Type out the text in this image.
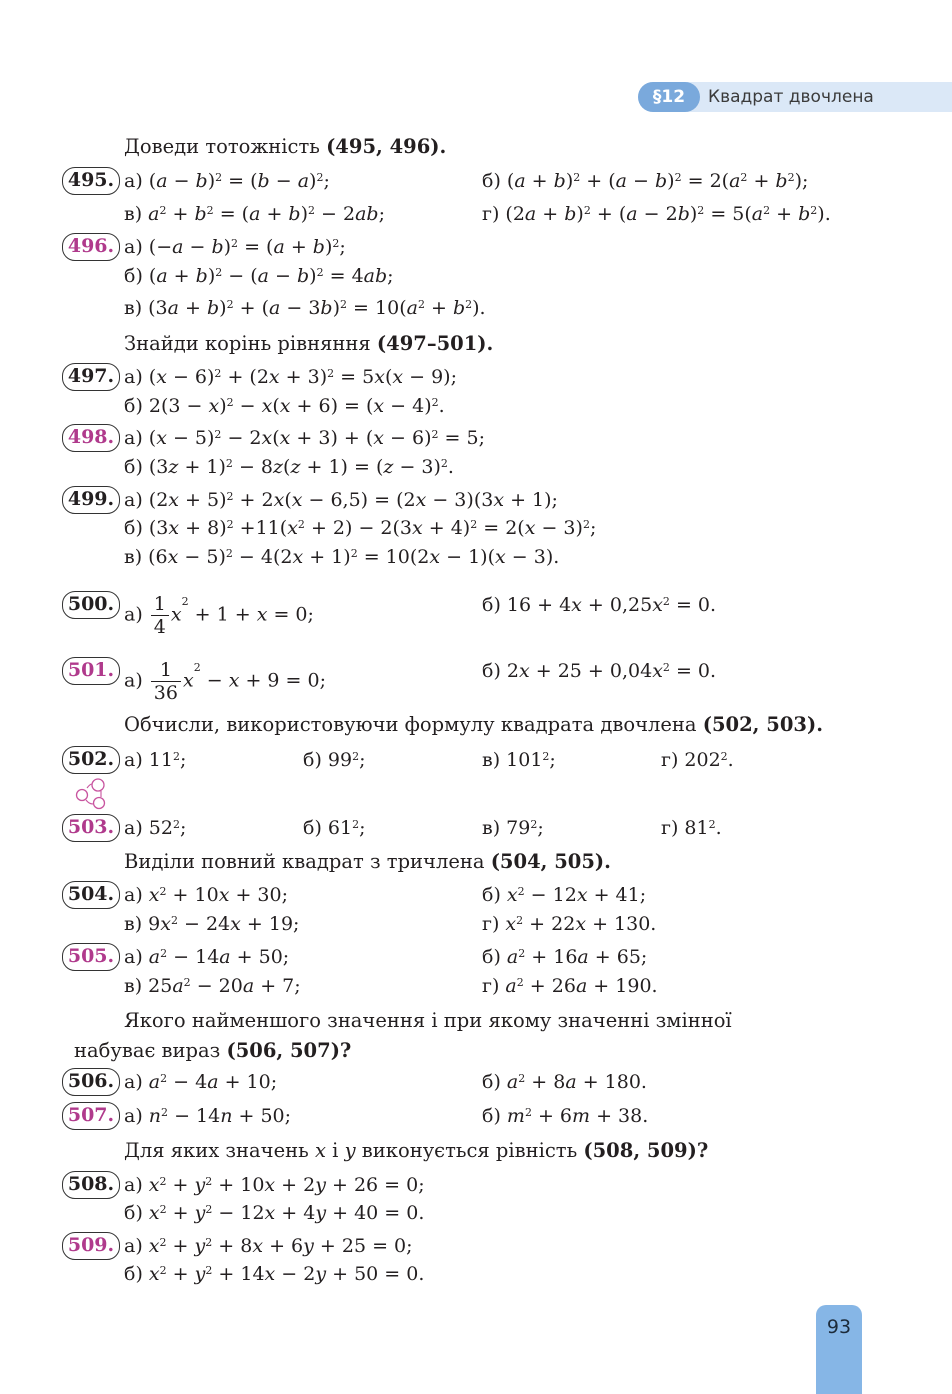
§12	Квадрат двочлена
Доведи тотожність (495, 496).
Знайди корінь рівняння (497–501).
Обчисли, використовуючи формулу квадрата двочлена (502, 503).
Виділи повний квадрат з тричлена (504, 505).
Якого найменшого значення і при якому значенні змінної
набуває вираз (506, 507)?
Для яких значень x і y виконується рівність (508, 509)?
495. а) $(a - b)^2 = (b - a)^2$;	б) $(a + b)^2 + (a - b)^2 = 2(a^2 + b^2)$;
в) $a^2 + b^2 = (a + b)^2 - 2ab$;	г) $(2a + b)^2 + (a - 2b)^2 = 5(a^2 + b^2)$.
496. а) $(-a - b)^2 = (a + b)^2$;
б) $(a + b)^2 - (a - b)^2 = 4ab$;
в) $(3a + b)^2 + (a - 3b)^2 = 10(a^2 + b^2)$.
497. а) $(x - 6)^2 + (2x + 3)^2 = 5x(x - 9)$;
б) $2(3 - x)^2 - x(x + 6) = (x - 4)^2$.
498. а) $(x - 5)^2 - 2x(x + 3) + (x - 6)^2 = 5$;
б) $(3z + 1)^2 - 8z(z + 1) = (z - 3)^2$.
499. а) $(2x + 5)^2 + 2x(x - 6,5) = (2x - 3)(3x + 1)$;
б) $(3x + 8)^2 +11(x^2 + 2) - 2(3x + 4)^2 = 2(x - 3)^2$;
в) $(6x - 5)^2 - 4(2x + 1)^2 = 10(2x - 1)(x - 3)$.
500. $а) \frac{1}{4} x^2 + 1 + x = 0$;	б) $16 + 4x + 0,25x^2 = 0$.
501. $а) \frac{1}{36} x^2 - x + 9 = 0$;	б) $2x + 25 + 0,04x^2 = 0$.
502. а) $11^2$;	б) $99^2$;	в) $101^2$;	г) $202^2$.
503. а) $52^2$;	б) $61^2$;	в) $79^2$;	г) $81^2$.
504. а) $x^2 + 10x + 30$;	б) $x^2 - 12x + 41$;
в) $9x^2 - 24x + 19$;	г) $x^2 + 22x + 130$.
505. а) $a^2 - 14a + 50$;	б) $a^2 + 16a + 65$;
в) $25a^2 - 20a + 7$;	г) $a^2 + 26a + 190$.
506. а) $a^2 - 4a + 10$;	б) $a^2 + 8a + 180$.
507. а) $n^2 - 14n + 50$;	б) $m^2 + 6m + 38$.
508. а) $x^2 + y^2 + 10x + 2y + 26 = 0$;
б) $x^2 + y^2 - 12x + 4y + 40 = 0$.
509. а) $x^2 + y^2 + 8x + 6y + 25 = 0$;
б) $x^2 + y^2 + 14x - 2y + 50 = 0$.
93
